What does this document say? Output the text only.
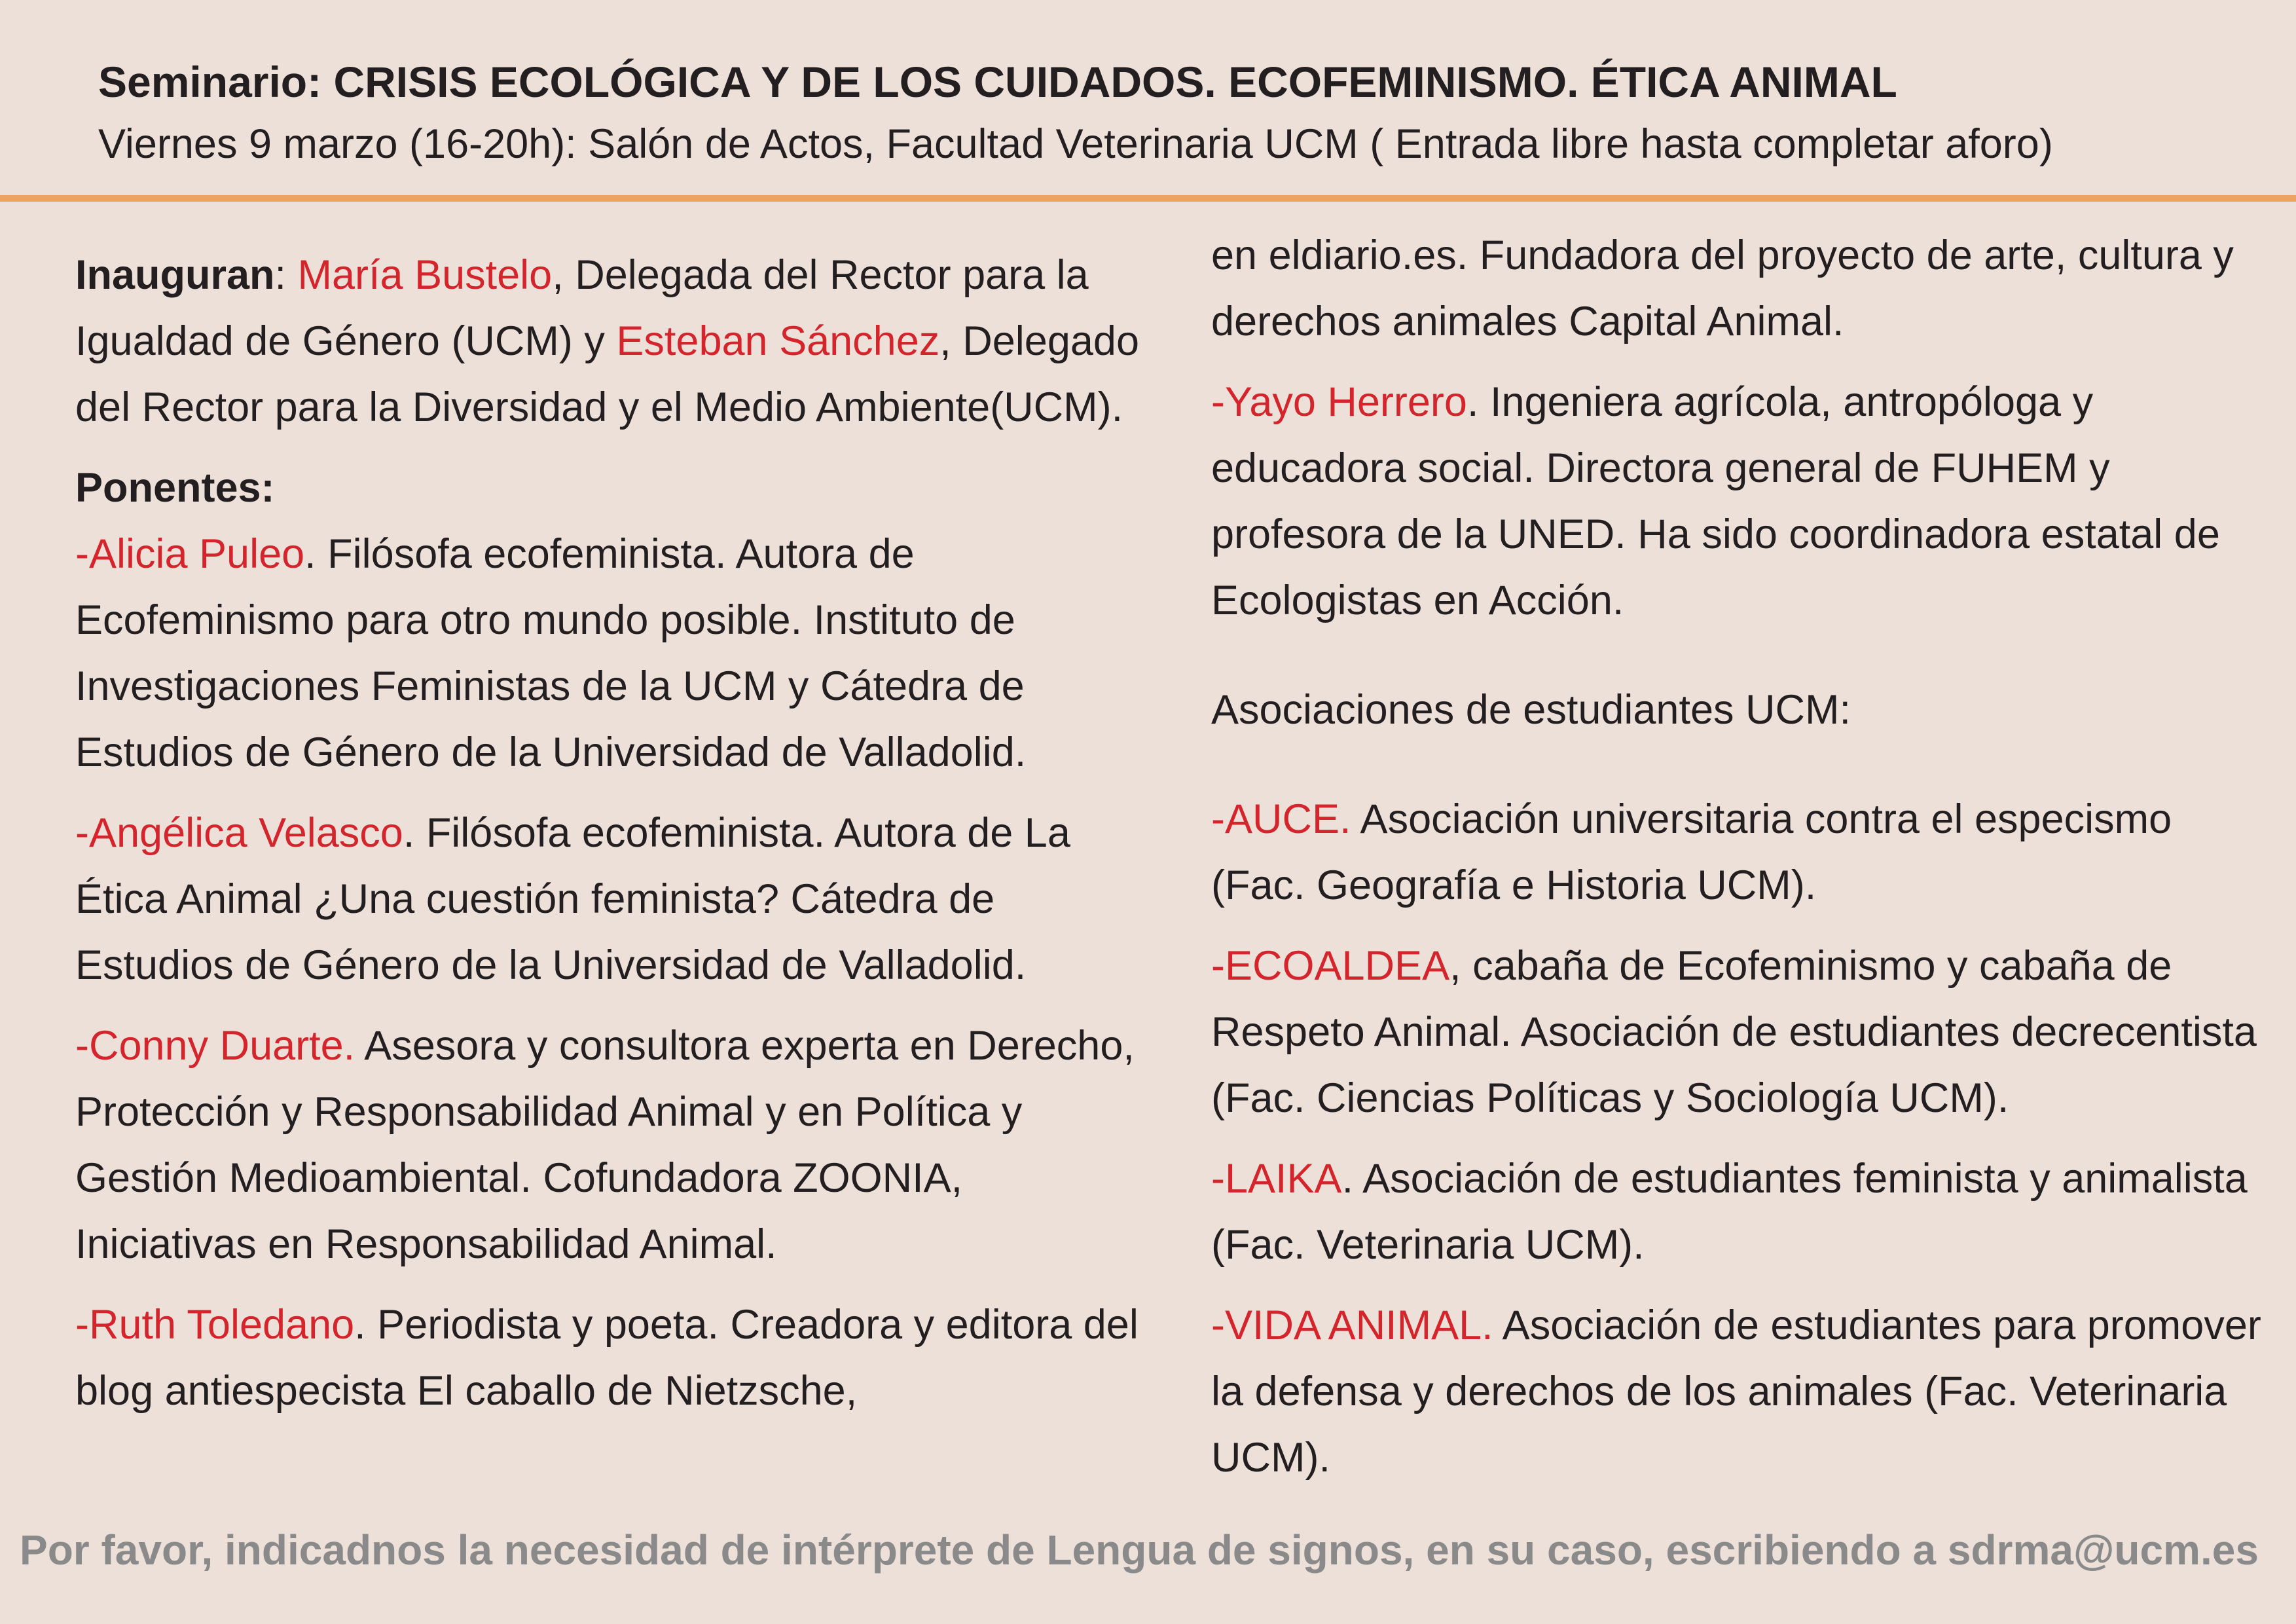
Seminario: CRISIS ECOLÓGICA Y DE LOS CUIDADOS. ECOFEMINISMO. ÉTICA ANIMAL
Viernes 9 marzo (16-20h): Salón de Actos, Facultad Veterinaria UCM ( Entrada libre hasta completar aforo)
Inauguran: María Bustelo, Delegada del Rector para la Igualdad de Género (UCM) y Esteban Sánchez, Delegado del Rector para la Diversidad y el Medio Ambiente(UCM).
Ponentes:
-Alicia Puleo. Filósofa ecofeminista. Autora de Ecofeminismo para otro mundo posible. Instituto de Investigaciones Feministas de la UCM y Cátedra de Estudios de Género de la Universidad de Valladolid.
-Angélica Velasco. Filósofa ecofeminista. Autora de La Ética Animal ¿Una cuestión feminista? Cátedra de Estudios de Género de la Universidad de Valladolid.
-Conny Duarte. Asesora y consultora experta en Derecho, Protección y Responsabilidad Animal y en Política y Gestión Medioambiental. Cofundadora ZOONIA, Iniciativas en Responsabilidad Animal.
-Ruth Toledano. Periodista y poeta. Creadora y editora del blog antiespecista El caballo de Nietzsche,
en eldiario.es. Fundadora del proyecto de arte, cultura y derechos animales Capital Animal.
-Yayo Herrero. Ingeniera agrícola, antropóloga y educadora social. Directora general de FUHEM y profesora de la UNED. Ha sido coordinadora estatal de Ecologistas en Acción.
Asociaciones de estudiantes UCM:
-AUCE. Asociación universitaria contra el especismo (Fac. Geografía e Historia UCM).
-ECOALDEA, cabaña de Ecofeminismo y cabaña de Respeto Animal. Asociación de estudiantes decrecentista (Fac. Ciencias Políticas y Sociología UCM).
-LAIKA. Asociación de estudiantes feminista y animalista (Fac. Veterinaria UCM).
-VIDA ANIMAL. Asociación de estudiantes para promover la defensa y derechos de los animales (Fac. Veterinaria UCM).
Por favor, indicadnos la necesidad de intérprete de Lengua de signos, en su caso, escribiendo a sdrma@ucm.es
